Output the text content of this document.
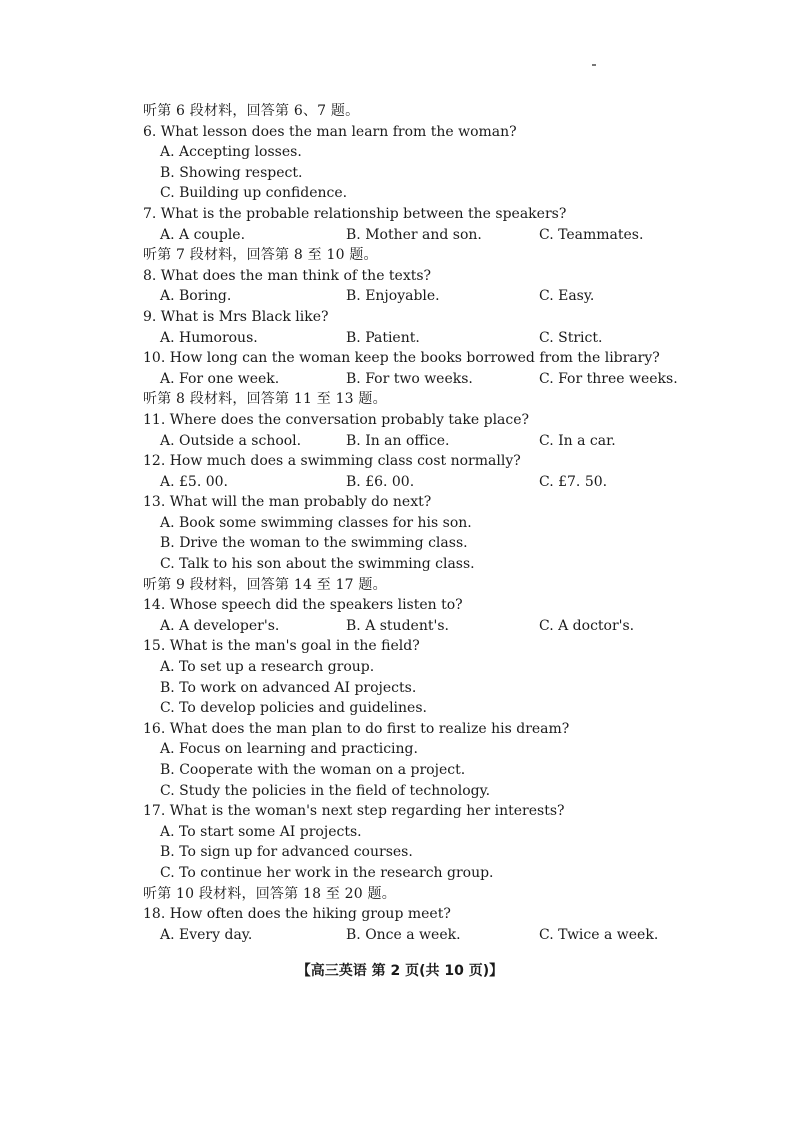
听第 6 段材料，回答第 6、7 题。
6. What lesson does the man learn from the woman?
A. Accepting losses.
B. Showing respect.
C. Building up confidence.
7. What is the probable relationship between the speakers?
A. A couple.	B. Mother and son.	C. Teammates.
听第 7 段材料，回答第 8 至 10 题。
8. What does the man think of the texts?
A. Boring.	B. Enjoyable.	C. Easy.
9. What is Mrs Black like?
A. Humorous.	B. Patient.	C. Strict.
10. How long can the woman keep the books borrowed from the library?
A. For one week.	B. For two weeks.	C. For three weeks.
听第 8 段材料，回答第 11 至 13 题。
11. Where does the conversation probably take place?
A. Outside a school.	B. In an office.	C. In a car.
12. How much does a swimming class cost normally?
A. £5. 00.	B. £6. 00.	C. £7. 50.
13. What will the man probably do next?
A. Book some swimming classes for his son.
B. Drive the woman to the swimming class.
C. Talk to his son about the swimming class.
听第 9 段材料，回答第 14 至 17 题。
14. Whose speech did the speakers listen to?
A. A developer's.	B. A student's.	C. A doctor's.
15. What is the man's goal in the field?
A. To set up a research group.
B. To work on advanced AI projects.
C. To develop policies and guidelines.
16. What does the man plan to do first to realize his dream?
A. Focus on learning and practicing.
B. Cooperate with the woman on a project.
C. Study the policies in the field of technology.
17. What is the woman's next step regarding her interests?
A. To start some AI projects.
B. To sign up for advanced courses.
C. To continue her work in the research group.
听第 10 段材料，回答第 18 至 20 题。
18. How often does the hiking group meet?
A. Every day.	B. Once a week.	C. Twice a week.
【高三英语 第 2 页(共 10 页)】
